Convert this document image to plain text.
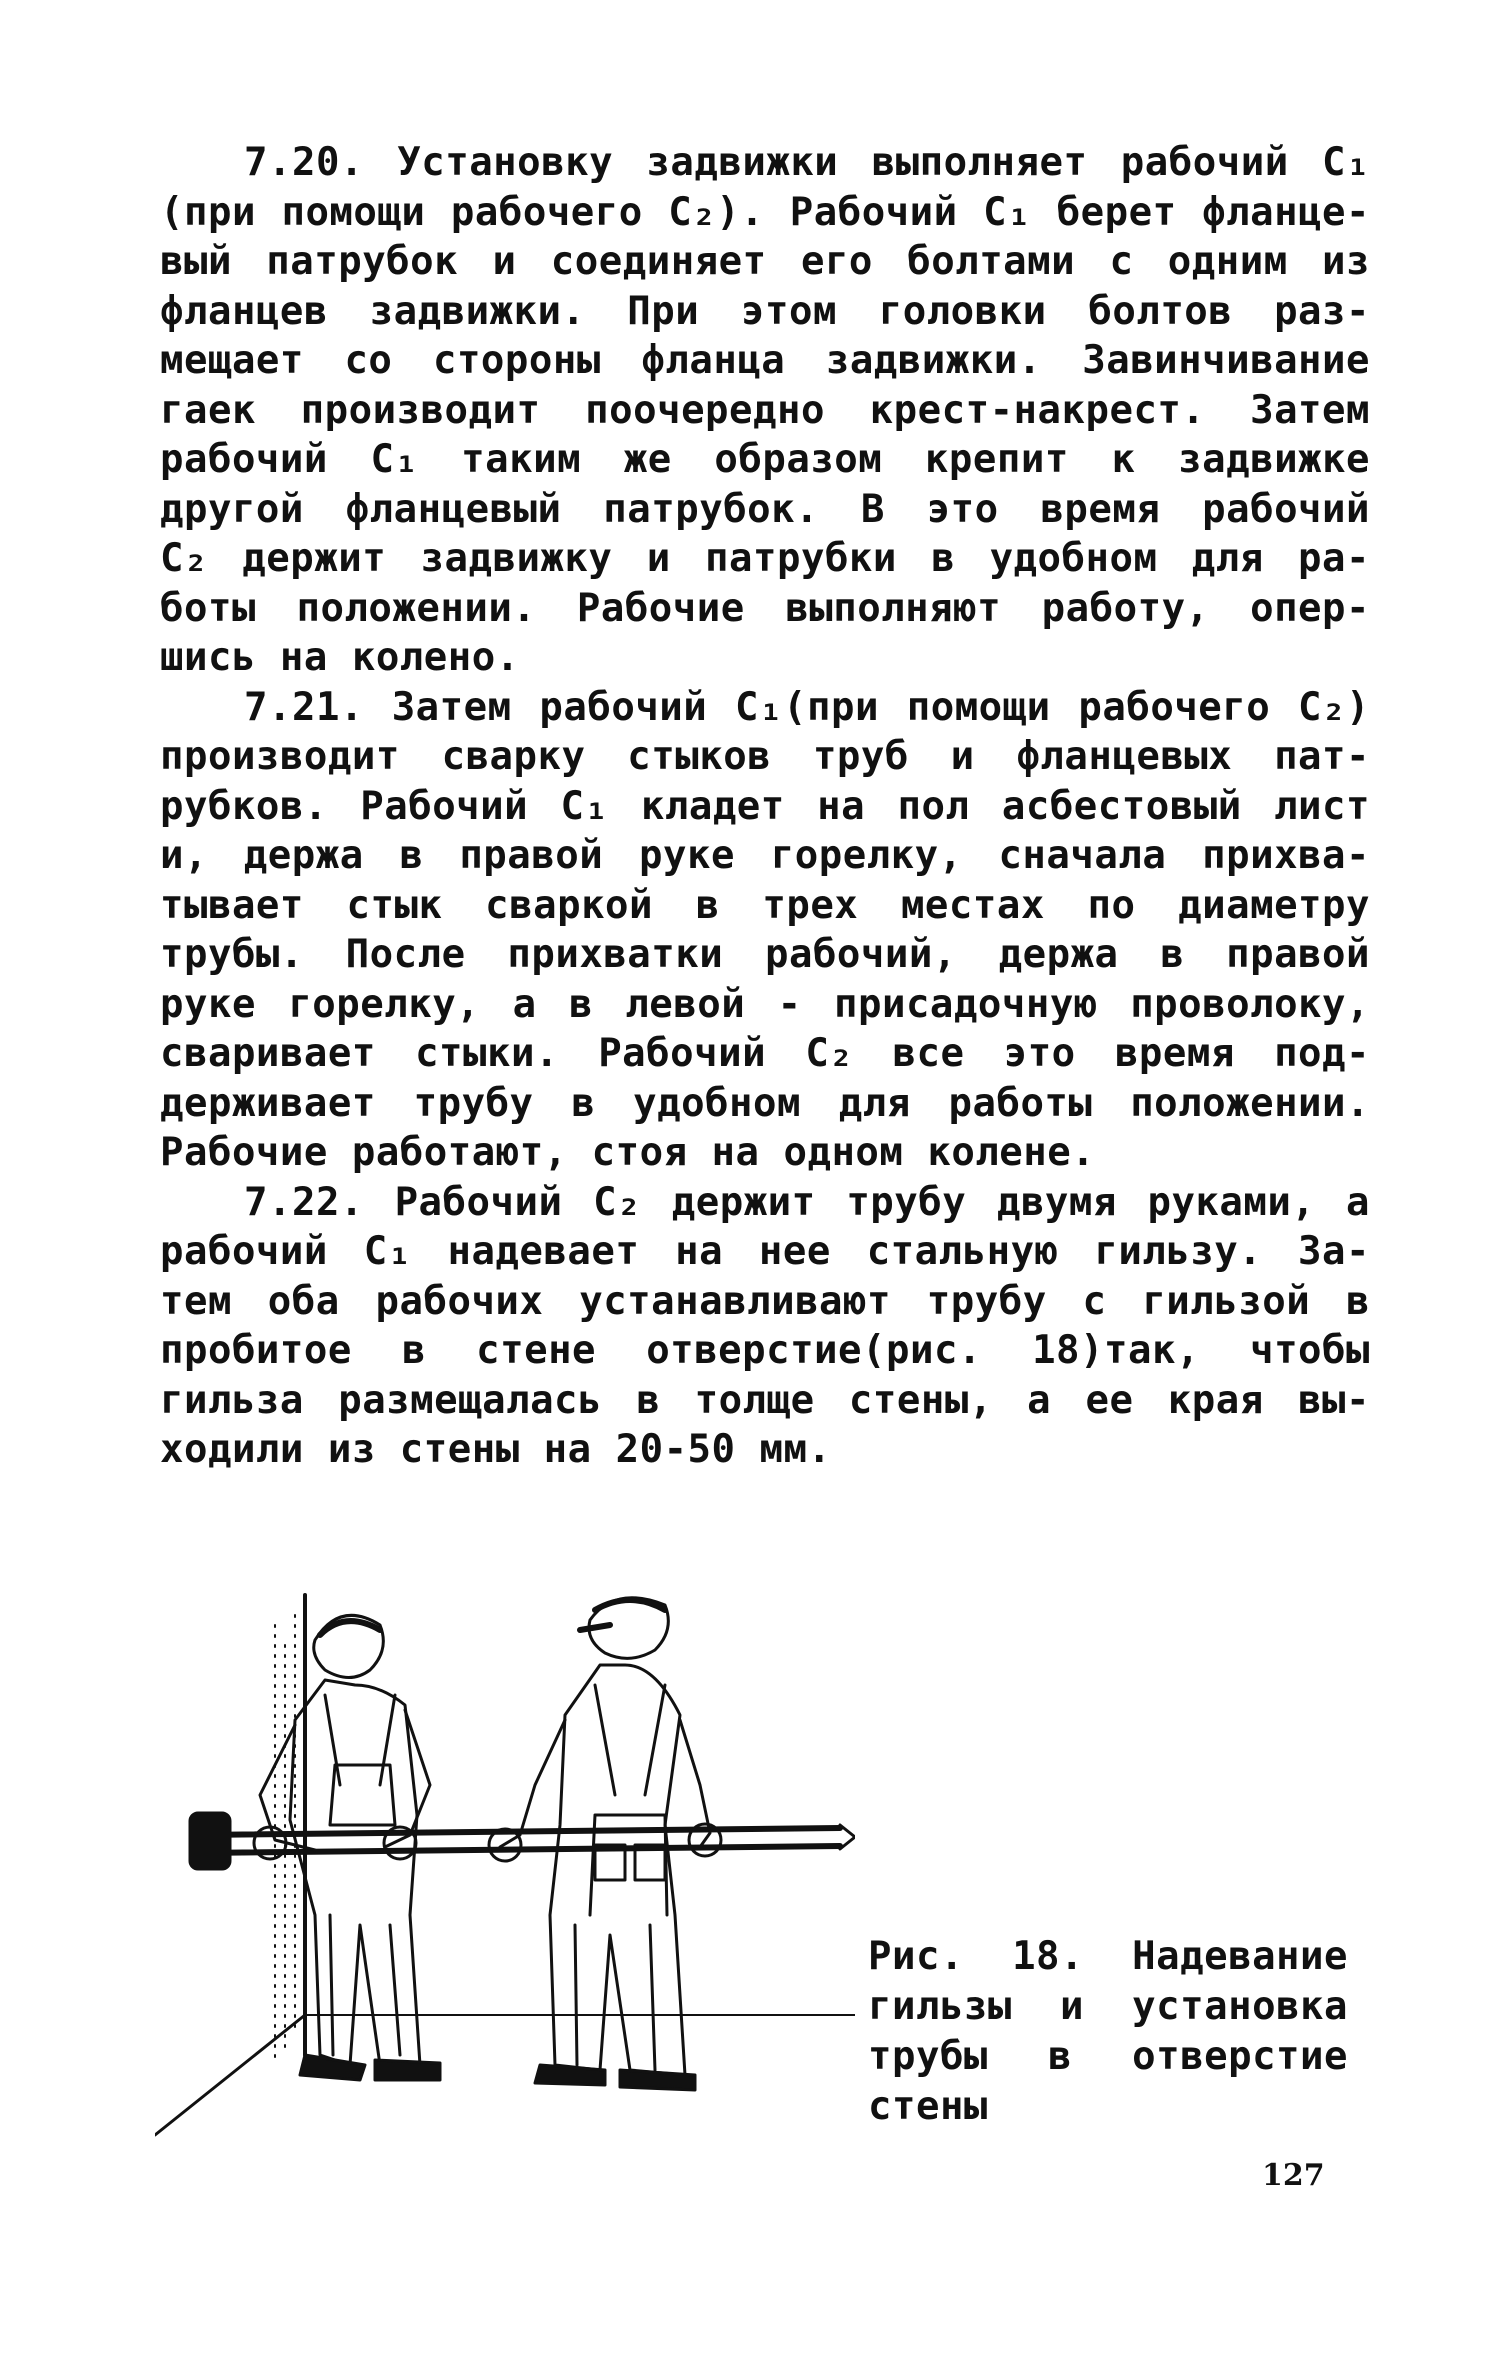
7.20. Установку задвижки выполняет рабочий С₁
(при помощи рабочего С₂). Рабочий С₁ берет фланце-
вый патрубок и соединяет его болтами с одним из
фланцев задвижки. При этом головки болтов раз-
мещает со стороны фланца задвижки. Завинчивание
гаек производит поочередно крест-накрест. Затем
рабочий С₁ таким же образом крепит к задвижке
другой фланцевый патрубок. В это время рабочий
С₂ держит задвижку и патрубки в удобном для ра-
боты положении. Рабочие выполняют работу, опер-
шись на колено.

7.21. Затем рабочий С₁(при помощи рабочего С₂)
производит сварку стыков труб и фланцевых пат-
рубков. Рабочий С₁ кладет на пол асбестовый лист
и, держа в правой руке горелку, сначала прихва-
тывает стык сваркой в трех местах по диаметру
трубы. После прихватки рабочий, держа в правой
руке горелку, а в левой - присадочную проволоку,
сваривает стыки. Рабочий С₂ все это время под-
держивает трубу в удобном для работы положении.
Рабочие работают, стоя на одном колене.

7.22. Рабочий С₂ держит трубу двумя руками, а
рабочий С₁ надевает на нее стальную гильзу. За-
тем оба рабочих устанавливают трубу с гильзой в
пробитое в стене отверстие(рис. 18)так, чтобы
гильза размещалась в толще стены, а ее края вы-
ходили из стены на 20-50 мм.

Рис. 18. Надевание
гильзы и установка
трубы в отверстие
стены
127
